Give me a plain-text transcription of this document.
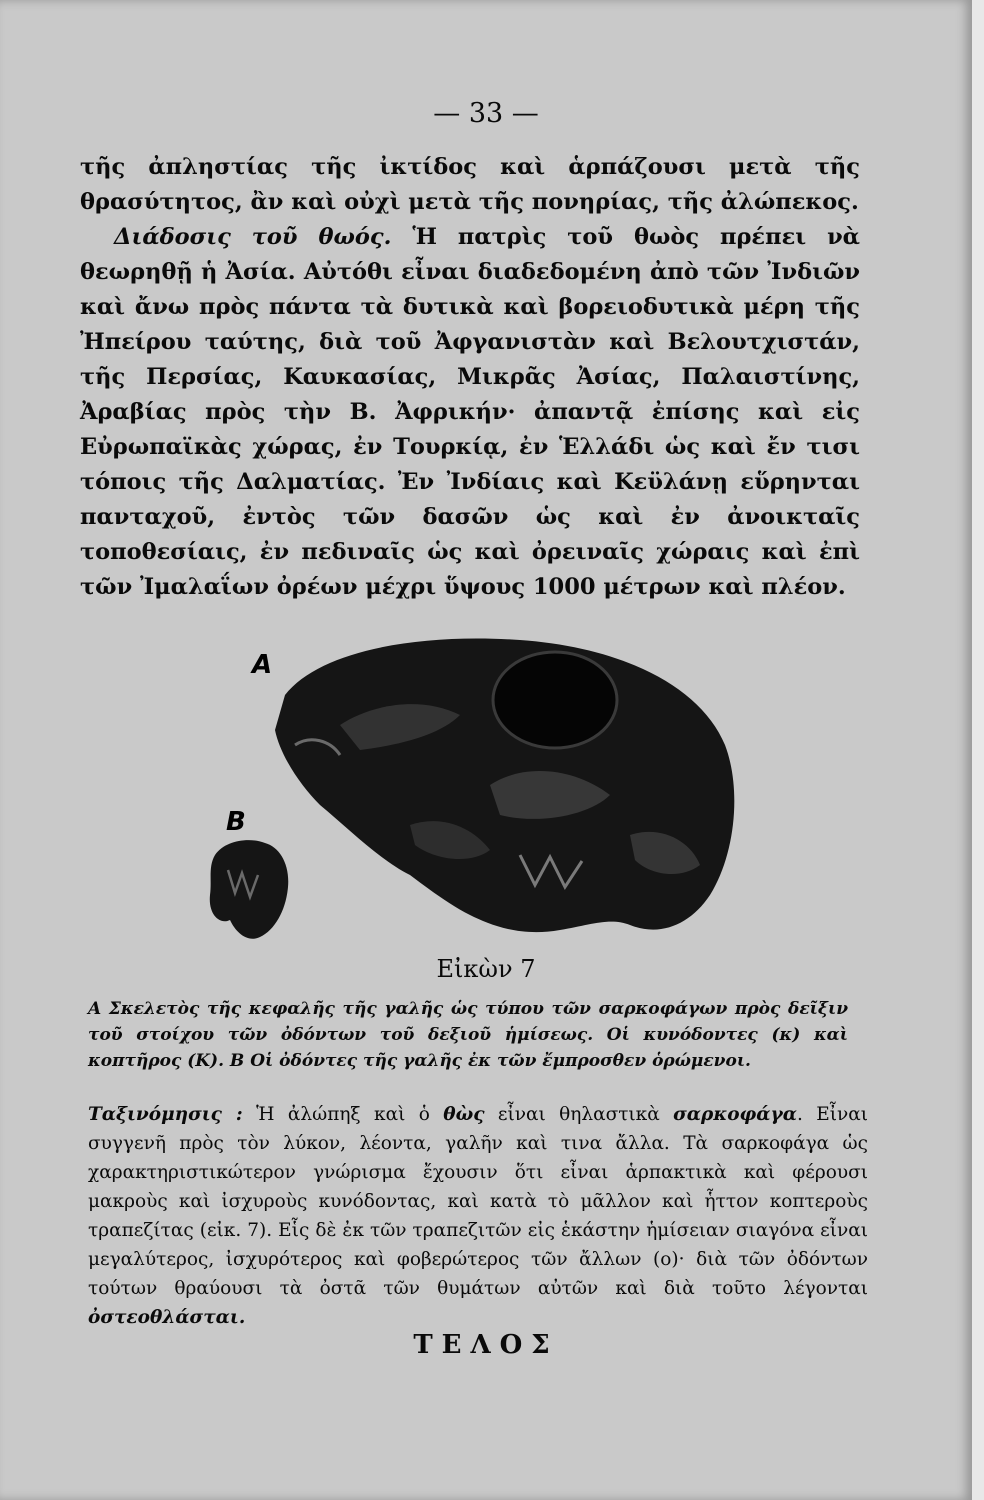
— 33 —

τῆς ἀπληστίας τῆς ἰκτίδος καὶ ἁρπάζουσι μετὰ τῆς θρασύτητος, ἂν καὶ οὐχὶ μετὰ τῆς πονηρίας, τῆς ἀλώπεκος.

Διάδοσις τοῦ θωός. Ἡ πατρὶς τοῦ θωὸς πρέπει νὰ θεωρηθῇ ἡ Ἀσία. Αὐτόθι εἶναι διαδεδομένη ἀπὸ τῶν Ἰνδιῶν καὶ ἄνω πρὸς πάντα τὰ δυτικὰ καὶ βορειοδυτικὰ μέρη τῆς Ἠπείρου ταύτης, διὰ τοῦ Ἀφγανιστὰν καὶ Βελουτχιστάν, τῆς Περσίας, Καυκασίας, Μικρᾶς Ἀσίας, Παλαιστίνης, Ἀραβίας πρὸς τὴν Β. Ἀφρικήν· ἀπαντᾷ ἐπίσης καὶ εἰς Εὐρωπαϊκὰς χώρας, ἐν Τουρκίᾳ, ἐν Ἑλλάδι ὡς καὶ ἔν τισι τόποις τῆς Δαλματίας. Ἐν Ἰνδίαις καὶ Κεϋλάνῃ εὕρηνται πανταχοῦ, ἐντὸς τῶν δασῶν ὡς καὶ ἐν ἀνοικταῖς τοποθεσίαις, ἐν πεδιναῖς ὡς καὶ ὀρειναῖς χώραις καὶ ἐπὶ τῶν Ἰμαλαΐων ὀρέων μέχρι ὕψους 1000 μέτρων καὶ πλέον.

A
B
Εἰκὼν 7
Α Σκελετὸς τῆς κεφαλῆς τῆς γαλῆς ὡς τύπου τῶν σαρκοφάγων πρὸς δεῖξιν τοῦ στοίχου τῶν ὀδόντων τοῦ δεξιοῦ ἡμίσεως. Οἱ κυνόδοντες (κ) καὶ κοπτῆρος (Κ). Β Οἱ ὀδόντες τῆς γαλῆς ἐκ τῶν ἔμπροσθεν ὁρώμενοι.
Ταξινόμησις : Ἡ ἀλώπηξ καὶ ὁ θὼς εἶναι θηλαστικὰ σαρκοφάγα. Εἶναι συγγενῆ πρὸς τὸν λύκον, λέοντα, γαλῆν καὶ τινα ἄλλα. Τὰ σαρκοφάγα ὡς χαρακτηριστικώτερον γνώρισμα ἔχουσιν ὅτι εἶναι ἁρπακτικὰ καὶ φέρουσι μακροὺς καὶ ἰσχυροὺς κυνόδοντας, καὶ κατὰ τὸ μᾶλλον καὶ ἧττον κοπτεροὺς τραπεζίτας (εἰκ. 7). Εἷς δὲ ἐκ τῶν τραπεζιτῶν εἰς ἑκάστην ἡμίσειαν σιαγόνα εἶναι μεγαλύτερος, ἰσχυρότερος καὶ φοβερώτερος τῶν ἄλλων (ο)· διὰ τῶν ὀδόντων τούτων θραύουσι τὰ ὀστᾶ τῶν θυμάτων αὐτῶν καὶ διὰ τοῦτο λέγονται ὀστεοθλάσται.
ΤΕΛΟΣ
